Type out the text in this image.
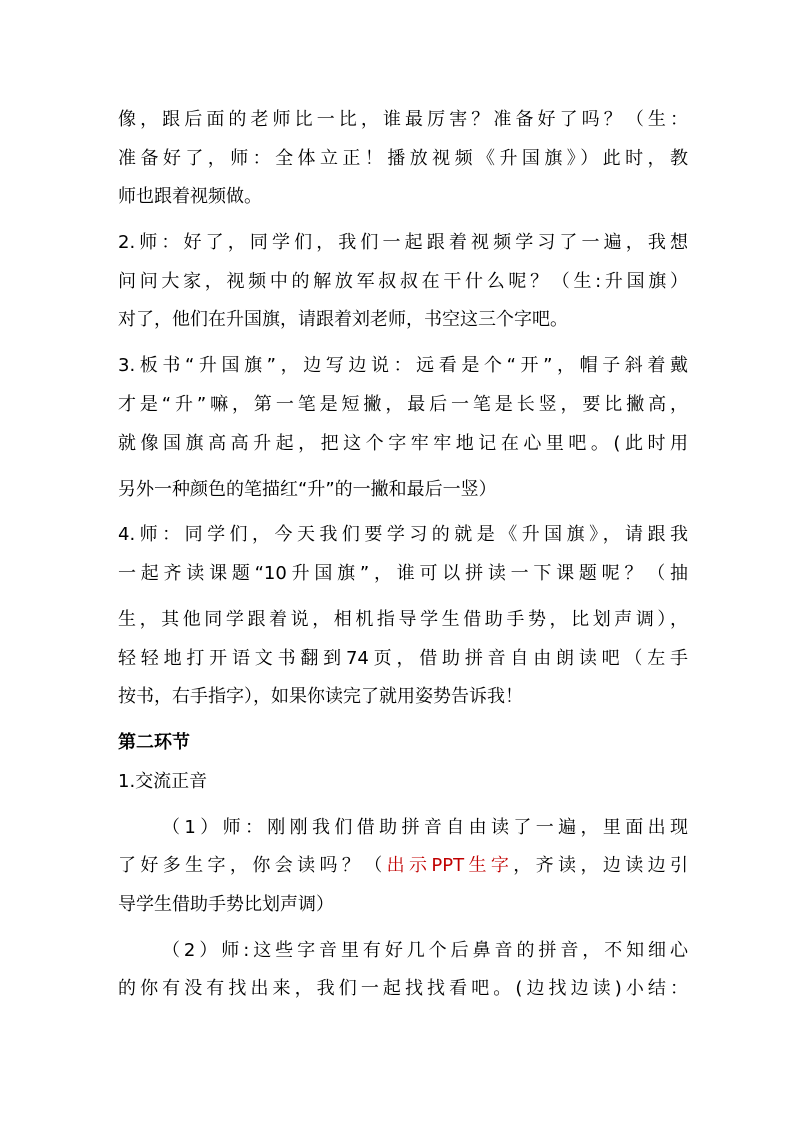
像，跟后面的老师比一比，谁最厉害？准备好了吗？（生：
准备好了，师：全体立正！播放视频《升国旗》）此时，教
师也跟着视频做。
2.师：好了，同学们，我们一起跟着视频学习了一遍，我想
问问大家，视频中的解放军叔叔在干什么呢？（生:升国旗）
对了，他们在升国旗，请跟着刘老师，书空这三个字吧。
3.板书“升国旗”，边写边说：远看是个“开”，帽子斜着戴
才是“升”嘛，第一笔是短撇，最后一笔是长竖，要比撇高，
就像国旗高高升起，把这个字牢牢地记在心里吧。(此时用
另外一种颜色的笔描红“升”的一撇和最后一竖）
4.师：同学们，今天我们要学习的就是《升国旗》，请跟我
一起齐读课题“10升国旗”，谁可以拼读一下课题呢？（抽
生，其他同学跟着说，相机指导学生借助手势，比划声调），
轻轻地打开语文书翻到74页，借助拼音自由朗读吧（左手
按书，右手指字），如果你读完了就用姿势告诉我！
第二环节
1.交流正音
（1）师：刚刚我们借助拼音自由读了一遍，里面出现
了好多生字，你会读吗？（出示PPT生字，齐读，边读边引
导学生借助手势比划声调）
（2）师:这些字音里有好几个后鼻音的拼音，不知细心
的你有没有找出来，我们一起找找看吧。(边找边读)小结：
